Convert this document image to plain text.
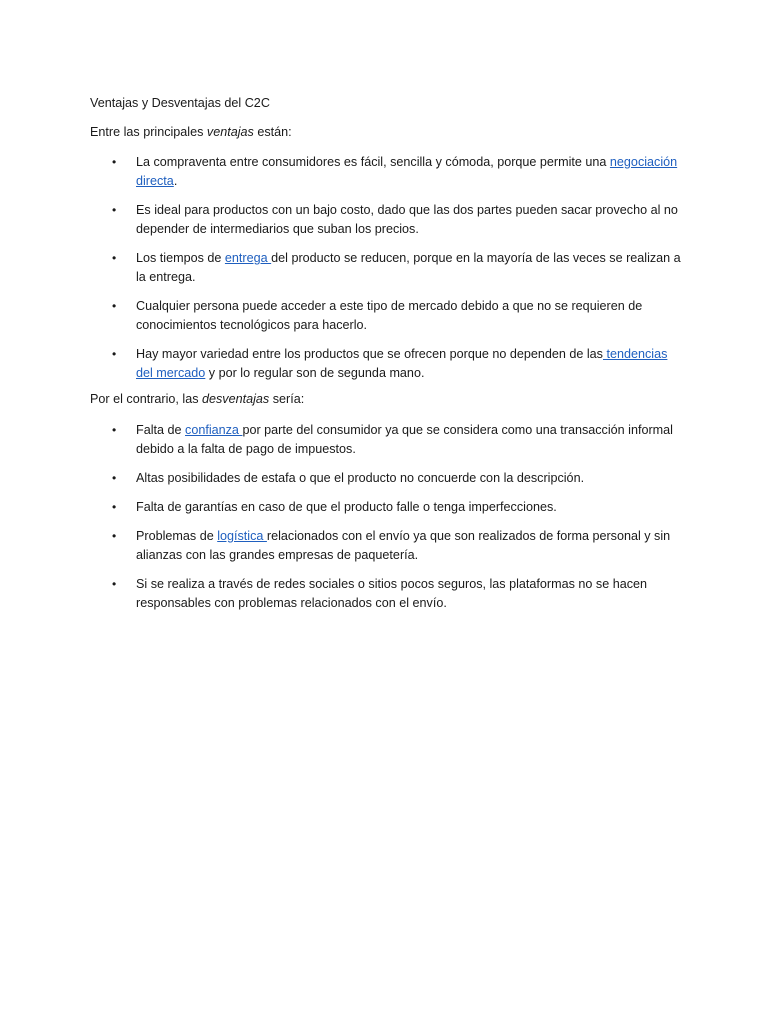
Ventajas y Desventajas del C2C
Entre las principales ventajas están:
• La compraventa entre consumidores es fácil, sencilla y cómoda, porque permite una negociación directa.
• Es ideal para productos con un bajo costo, dado que las dos partes pueden sacar provecho al no depender de intermediarios que suban los precios.
• Los tiempos de entrega del producto se reducen, porque en la mayoría de las veces se realizan a la entrega.
• Cualquier persona puede acceder a este tipo de mercado debido a que no se requieren de conocimientos tecnológicos para hacerlo.
• Hay mayor variedad entre los productos que se ofrecen porque no dependen de las tendencias del mercado y por lo regular son de segunda mano.
Por el contrario, las desventajas sería:
• Falta de confianza por parte del consumidor ya que se considera como una transacción informal debido a la falta de pago de impuestos.
• Altas posibilidades de estafa o que el producto no concuerde con la descripción.
• Falta de garantías en caso de que el producto falle o tenga imperfecciones.
• Problemas de logística relacionados con el envío ya que son realizados de forma personal y sin alianzas con las grandes empresas de paquetería.
• Si se realiza a través de redes sociales o sitios pocos seguros, las plataformas no se hacen responsables con problemas relacionados con el envío.
